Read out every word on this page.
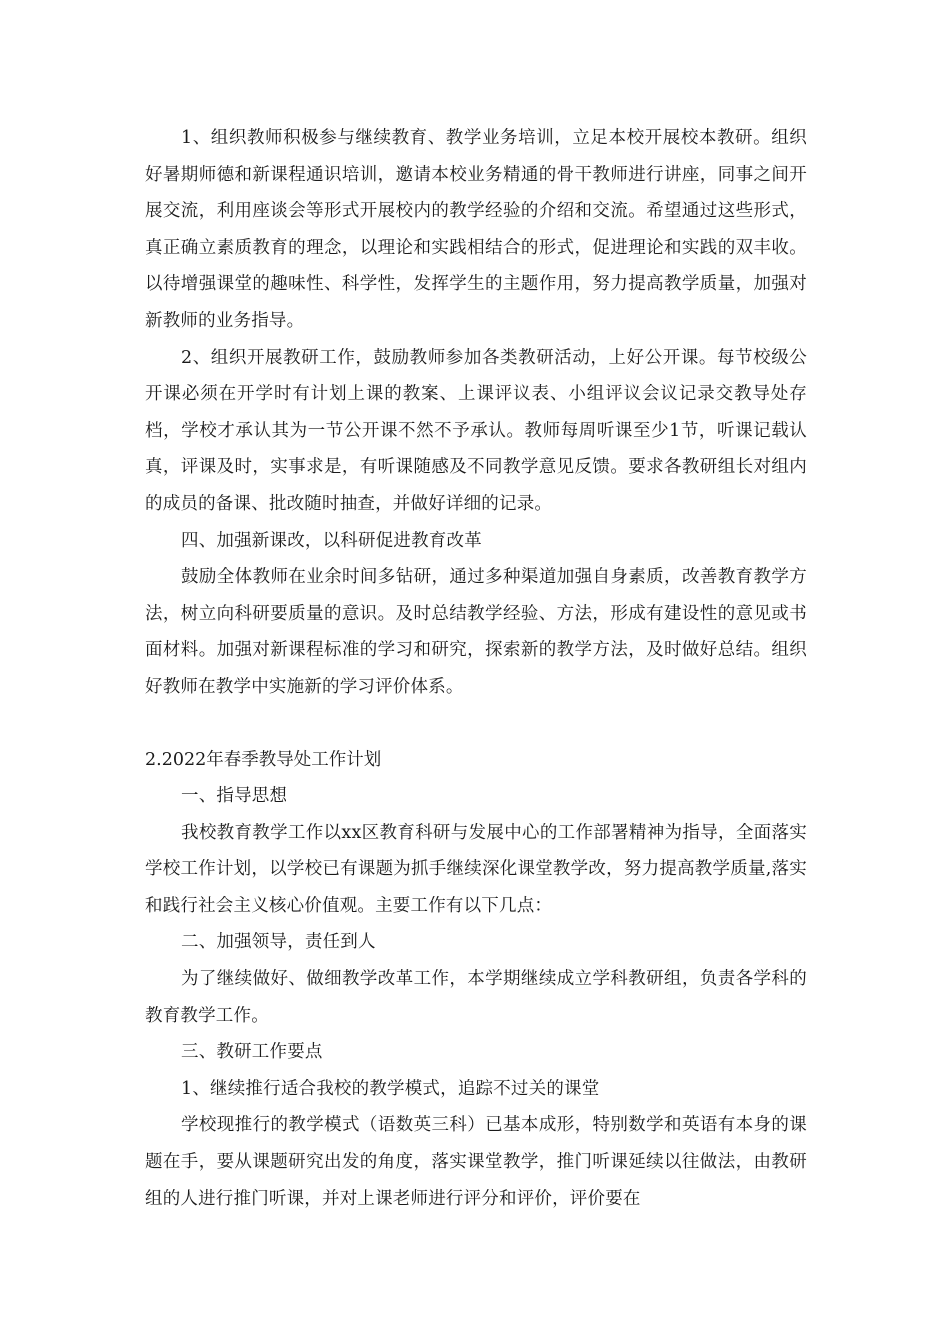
1、组织教师积极参与继续教育、教学业务培训，立足本校开展校本教研。组织好暑期师德和新课程通识培训，邀请本校业务精通的骨干教师进行讲座，同事之间开展交流，利用座谈会等形式开展校内的教学经验的介绍和交流。希望通过这些形式，真正确立素质教育的理念，以理论和实践相结合的形式，促进理论和实践的双丰收。以待增强课堂的趣味性、科学性，发挥学生的主题作用，努力提高教学质量，加强对新教师的业务指导。

2、组织开展教研工作，鼓励教师参加各类教研活动，上好公开课。每节校级公开课必须在开学时有计划上课的教案、上课评议表、小组评议会议记录交教导处存档，学校才承认其为一节公开课不然不予承认。教师每周听课至少1节，听课记载认真，评课及时，实事求是，有听课随感及不同教学意见反馈。要求各教研组长对组内的成员的备课、批改随时抽查，并做好详细的记录。

四、加强新课改，以科研促进教育改革

鼓励全体教师在业余时间多钻研，通过多种渠道加强自身素质，改善教育教学方法，树立向科研要质量的意识。及时总结教学经验、方法，形成有建设性的意见或书面材料。加强对新课程标准的学习和研究，探索新的教学方法，及时做好总结。组织好教师在教学中实施新的学习评价体系。

2.2022年春季教导处工作计划

一、指导思想

我校教育教学工作以xx区教育科研与发展中心的工作部署精神为指导，全面落实学校工作计划，以学校已有课题为抓手继续深化课堂教学改，努力提高教学质量,落实和践行社会主义核心价值观。主要工作有以下几点：

二、加强领导，责任到人

为了继续做好、做细教学改革工作，本学期继续成立学科教研组，负责各学科的教育教学工作。

三、教研工作要点

1、继续推行适合我校的教学模式，追踪不过关的课堂

学校现推行的教学模式（语数英三科）已基本成形，特别数学和英语有本身的课题在手，要从课题研究出发的角度，落实课堂教学，推门听课延续以往做法，由教研组的人进行推门听课，并对上课老师进行评分和评价，评价要在
